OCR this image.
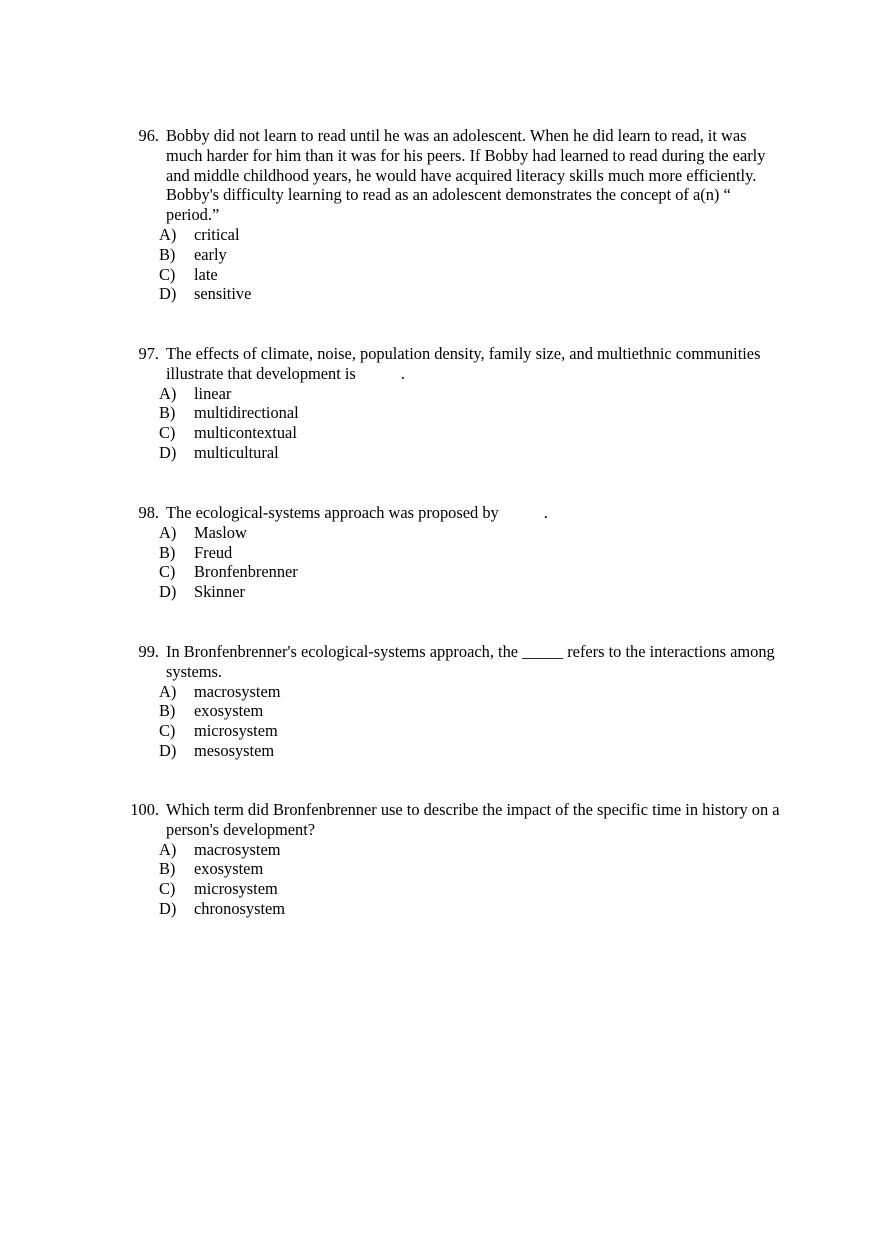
96. Bobby did not learn to read until he was an adolescent. When he did learn to read, it was much harder for him than it was for his peers. If Bobby had learned to read during the early and middle childhood years, he would have acquired literacy skills much more efficiently. Bobby's difficulty learning to read as an adolescent demonstrates the concept of a(n) “          period.”
A)	critical
B)	early
C)	late
D)	sensitive
97. The effects of climate, noise, population density, family size, and multiethnic communities illustrate that development is           .
A)	linear
B)	multidirectional
C)	multicontextual
D)	multicultural
98. The ecological-systems approach was proposed by           .
A)	Maslow
B)	Freud
C)	Bronfenbrenner
D)	Skinner
99. In Bronfenbrenner's ecological-systems approach, the _____ refers to the interactions among systems.
A)	macrosystem
B)	exosystem
C)	microsystem
D)	mesosystem
100. Which term did Bronfenbrenner use to describe the impact of the specific time in history on a person's development?
A)	macrosystem
B)	exosystem
C)	microsystem
D)	chronosystem
